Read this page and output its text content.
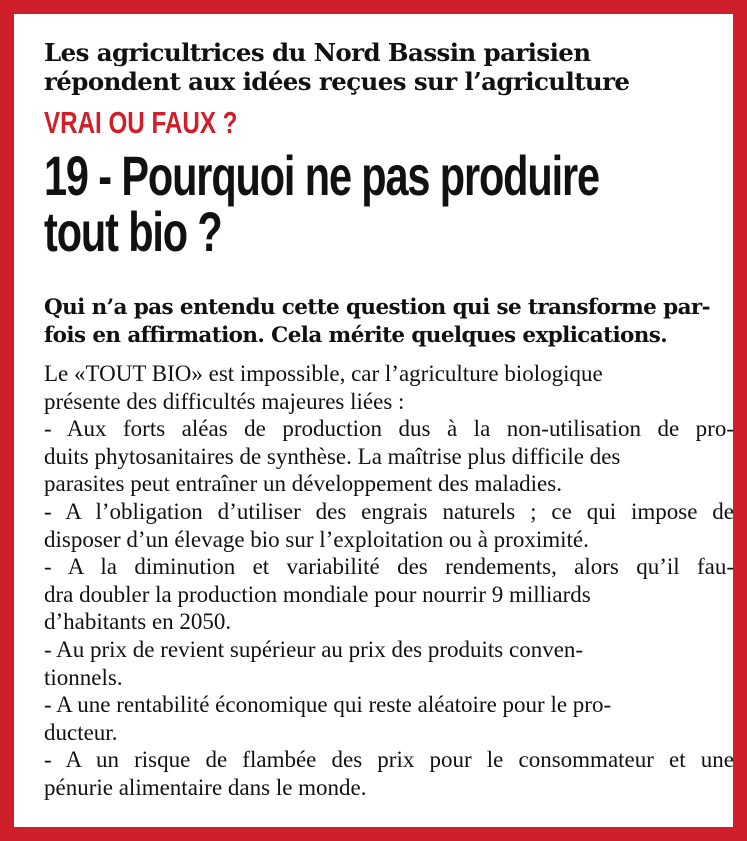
Les agricultrices du Nord Bassin parisien
répondent aux idées reçues sur l’agriculture
VRAI OU FAUX ?
19 - Pourquoi ne pas produire
tout bio ?

Qui n’a pas entendu cette question qui se transforme par-
fois en affirmation. Cela mérite quelques explications.

Le «TOUT BIO» est impossible, car l’agriculture biologique
présente des difficultés majeures liées :
- Aux forts aléas de production dus à la non-utilisation de pro-
duits phytosanitaires de synthèse. La maîtrise plus difficile des
parasites peut entraîner un développement des maladies.
- A l’obligation d’utiliser des engrais naturels ; ce qui impose de
disposer d’un élevage bio sur l’exploitation ou à proximité.
- A la diminution et variabilité des rendements, alors qu’il fau-
dra doubler la production mondiale pour nourrir 9 milliards
d’habitants en 2050.
- Au prix de revient supérieur au prix des produits conven-
tionnels.
- A une rentabilité économique qui reste aléatoire pour le pro-
ducteur.
- A un risque de flambée des prix pour le consommateur et une
pénurie alimentaire dans le monde.
